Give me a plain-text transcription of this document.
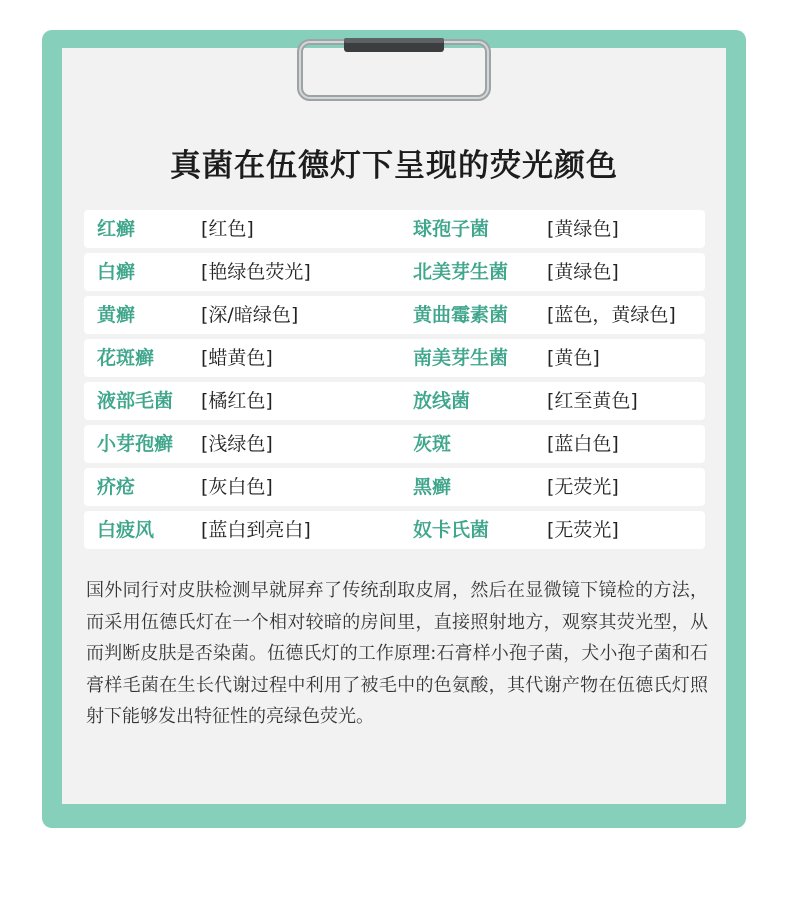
真菌在伍德灯下呈现的荧光颜色
红癣	[红色]	球孢子菌	[黄绿色]
白癣	[艳绿色荧光]	北美芽生菌 [黄绿色]
黄癣	[深/暗绿色]	黄曲霉素菌 [蓝色，黄绿色]
花斑癣 [蜡黄色]	南美芽生菌 [黄色]
液部毛菌 [橘红色]	放线菌	[红至黄色]
小芽孢癣 [浅绿色]	灰斑	[蓝白色]
疥疮	[灰白色]	黑癣	[无荧光]
白疲风 [蓝白到亮白]	奴卡氏菌	[无荧光]

国外同行对皮肤检测早就屏弃了传统刮取皮屑，然后在显微镜下镜检的方法，而采用伍德氏灯在一个相对较暗的房间里，直接照射地方，观察其荧光型，从而判断皮肤是否染菌。伍德氏灯的工作原理:石膏样小孢子菌，犬小孢子菌和石膏样毛菌在生长代谢过程中利用了被毛中的色氨酸，其代谢产物在伍德氏灯照射下能够发出特征性的亮绿色荧光。
